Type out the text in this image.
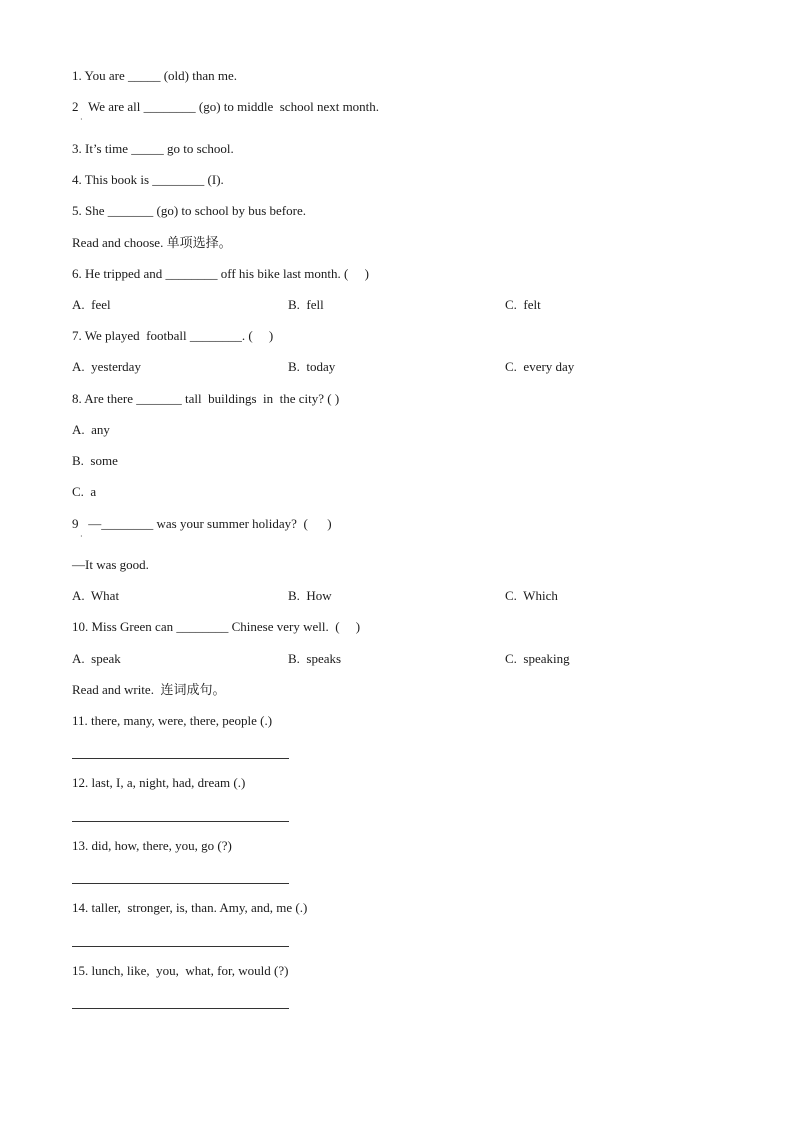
1. You are _____ (old) than me.
2   We are all ________ (go) to middle  school next month.
·
3. It’s time _____ go to school.
4. This book is ________ (I).
5. She _______ (go) to school by bus before.
Read and choose. 单项选择。
6. He tripped and ________ off his bike last month. (     )
A.  feel	B.  fell	C.  felt
7. We played  football ________. (     )
A.  yesterday	B.  today	C.  every day
8. Are there _______ tall  buildings  in  the city? ( )
A.  any
B.  some
C.  a
9   —________ was your summer holiday?  (      )
·
—It was good.
A.  What	B.  How	C.  Which
10. Miss Green can ________ Chinese very well.  (     )
A.  speak	B.  speaks	C.  speaking
Read and write.  连词成句。
11. there, many, were, there, people (.)
12. last, I, a, night, had, dream (.)
13. did, how, there, you, go (?)
14. taller,  stronger, is, than. Amy, and, me (.)
15. lunch, like,  you,  what, for, would (?)
